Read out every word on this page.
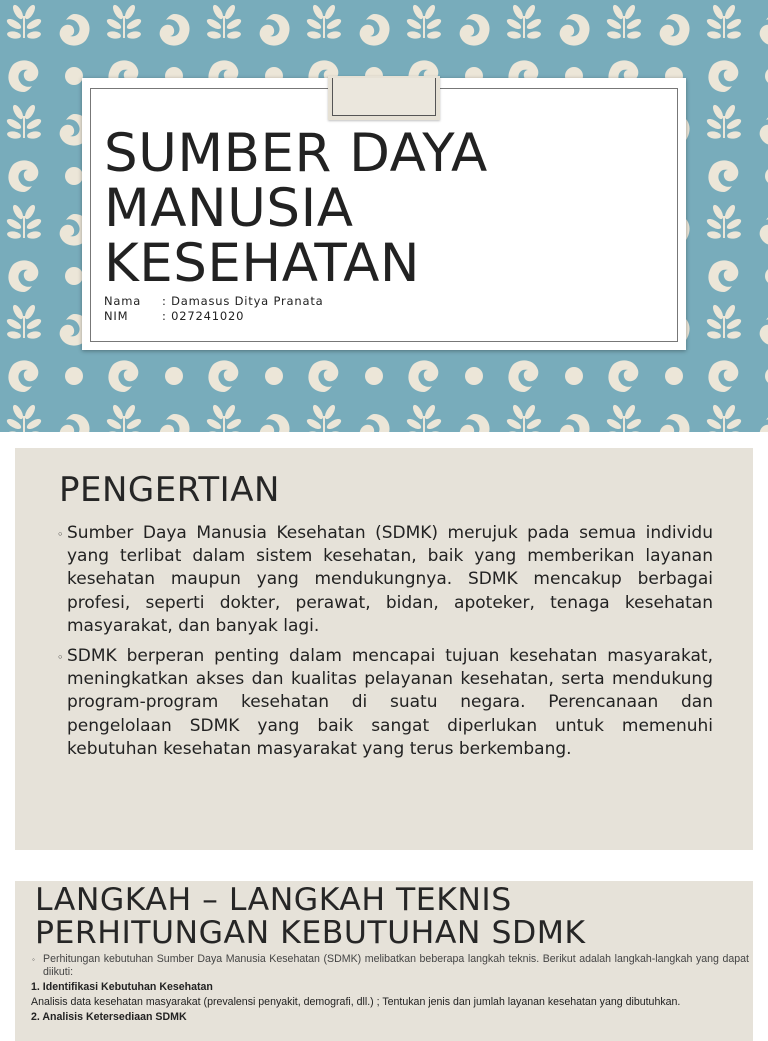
SUMBER DAYA
MANUSIA
KESEHATAN
Nama : Damasus Ditya Pranata
NIM	: 027241020
PENGERTIAN
◦ Sumber Daya Manusia Kesehatan (SDMK) merujuk pada semua individu yang terlibat dalam sistem kesehatan, baik yang memberikan layanan kesehatan maupun yang mendukungnya. SDMK mencakup berbagai profesi, seperti dokter, perawat, bidan, apoteker, tenaga kesehatan masyarakat, dan banyak lagi.
◦ SDMK berperan penting dalam mencapai tujuan kesehatan masyarakat, meningkatkan akses dan kualitas pelayanan kesehatan, serta mendukung program-program kesehatan di suatu negara. Perencanaan dan pengelolaan SDMK yang baik sangat diperlukan untuk memenuhi kebutuhan kesehatan masyarakat yang terus berkembang.
LANGKAH – LANGKAH TEKNIS
PERHITUNGAN KEBUTUHAN SDMK
◦ Perhitungan kebutuhan Sumber Daya Manusia Kesehatan (SDMK) melibatkan beberapa langkah teknis. Berikut adalah langkah-langkah yang dapat diikuti:
1. Identifikasi Kebutuhan Kesehatan
Analisis data kesehatan masyarakat (prevalensi penyakit, demografi, dll.) ; Tentukan jenis dan jumlah layanan kesehatan yang dibutuhkan.
2. Analisis Ketersediaan SDMK
